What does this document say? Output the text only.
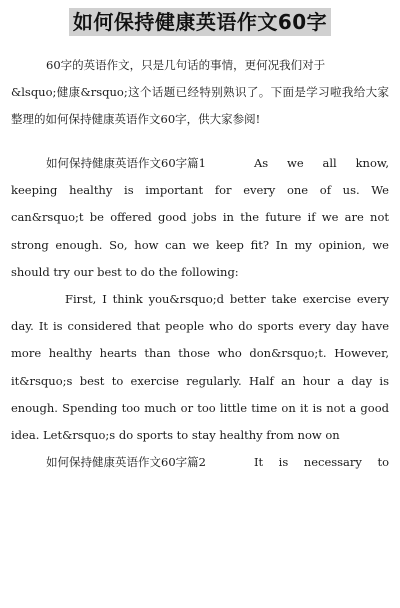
如何保持健康英语作文60字

60字的英语作文，只是几句话的事情，更何况我们对于

&lsquo;健康&rsquo;这个话题已经特别熟识了。下面是学习啦我给大家整理的如何保持健康英语作文60字，供大家参阅!

如何保持健康英语作文60字篇1	As we all know,

keeping healthy is important for every one of us. We can&rsquo;t be offered good jobs in the future if we are not strong enough. So, how can we keep fit? In my opinion, we should try our best to do the following:

First, I think you&rsquo;d better take exercise every day. It is considered that people who do sports every day have more healthy hearts than those who don&rsquo;t. However, it&rsquo;s best to exercise regularly. Half an hour a day is enough. Spending too much or too little time on it is not a good idea. Let&rsquo;s do sports to stay healthy from now on

如何保持健康英语作文60字篇2	It is necessary to
